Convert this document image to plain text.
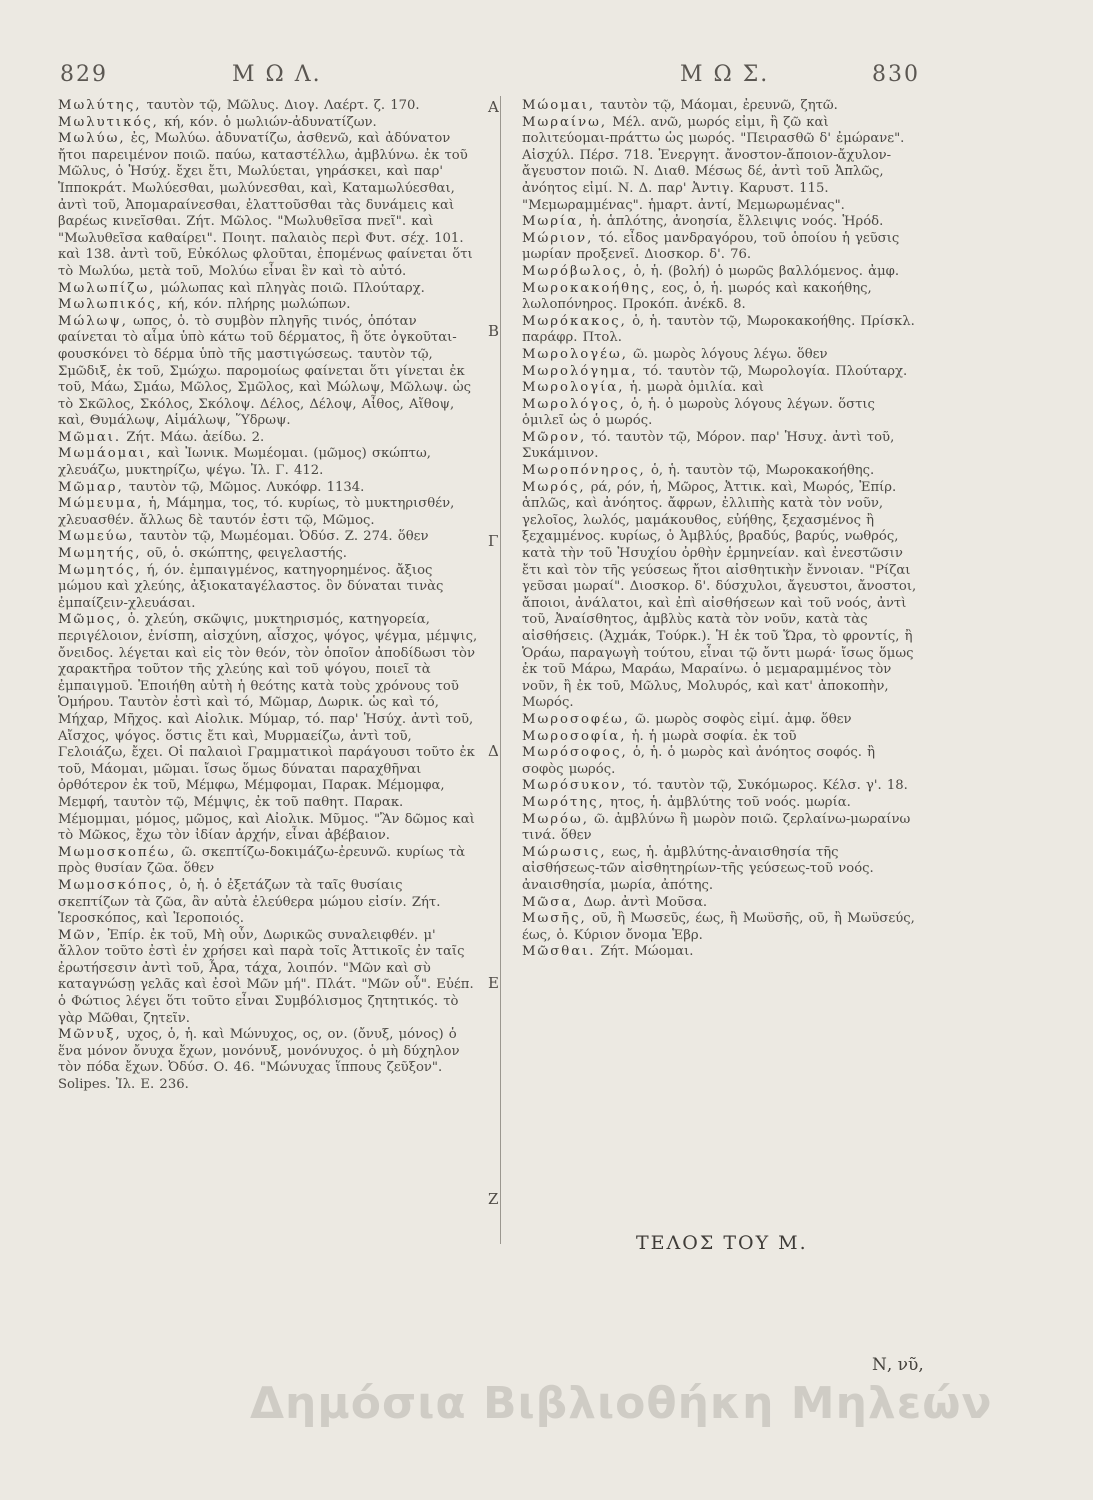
829	Μ Ω Λ.	Μ Ω Σ.	830
Μωλύτης, ταυτὸν τῷ, Μῶλυς. Διογ. Λαέρτ. ζ. 170.
Μωλυτικός, κή, κόν. ὁ μωλιών-ἀδυνατίζων.
Μωλύω, ἐς, Μωλύω. ἀδυνατίζω, ἀσθενῶ, καὶ ἀδύνατον ἤτοι παρειμένον ποιῶ. παύω, καταστέλλω, ἀμβλύνω. ἐκ τοῦ Μῶλυς, ὁ Ἡσύχ. ἔχει ἔτι, Μωλύεται, γηράσκει, καὶ παρ' Ἱπποκράτ. Μωλύεσθαι, μωλύνεσθαι, καὶ, Καταμωλύεσθαι, ἀντὶ τοῦ, Ἀπομαραίνεσθαι, ἐλαττοῦσθαι τὰς δυνάμεις καὶ βαρέως κινεῖσθαι. Ζήτ. Μῶλος. "Μωλυθεῖσα πνεῖ". καὶ "Μωλυθεῖσα καθαίρει". Ποιητ. παλαιὸς περὶ Φυτ. σέχ. 101. καὶ 138. ἀντὶ τοῦ, Εὐκόλως φλοῦται, ἐπομένως φαίνεται ὅτι τὸ Μωλύω, μετὰ τοῦ, Μολύω εἶναι ἓν καὶ τὸ αὐτό.
Μωλωπίζω, μώλωπας καὶ πληγὰς ποιῶ. Πλούταρχ.
Μωλωπικός, κή, κόν. πλήρης μωλώπων.
Μώλωψ, ωπος, ὁ. τὸ συμβὸν πληγῆς τινός, ὁπόταν φαίνεται τὸ αἷμα ὑπὸ κάτω τοῦ δέρματος, ἢ ὅτε ὀγκοῦται-φουσκόνει τὸ δέρμα ὑπὸ τῆς μαστιγώσεως. ταυτὸν τῷ, Σμῶδιξ, ἐκ τοῦ, Σμώχω. παρομοίως φαίνεται ὅτι γίνεται ἐκ τοῦ, Μάω, Σμάω, Μῶλος, Σμῶλος, καὶ Μώλωψ, Μῶλωψ. ὡς τὸ Σκῶλος, Σκόλος, Σκόλοψ. Δέλος, Δέλοψ, Αἶθος, Αἴθοψ, καὶ, Θυμάλωψ, Αἱμάλωψ, Ὕδρωψ.
Μῶμαι. Ζήτ. Μάω. ἀείδω. 2.
Μωμάομαι, καὶ Ἰωνικ. Μωμέομαι. (μῶμος) σκώπτω, χλευάζω, μυκτηρίζω, ψέγω. Ἰλ. Γ. 412.
Μῶμαρ, ταυτὸν τῷ, Μῶμος. Λυκόφρ. 1134.
Μώμευμα, ἡ, Μάμημα, τος, τό. κυρίως, τὸ μυκτηρισθέν, χλευασθέν. ἄλλως δὲ ταυτόν ἐστι τῷ, Μῶμος.
Μωμεύω, ταυτὸν τῷ, Μωμέομαι. Ὀδύσ. Ζ. 274. ὅθεν
Μωμητής, οῦ, ὁ. σκώπτης, φειγελαστής.
Μωμητός, ή, όν. ἐμπαιγμένος, κατηγορημένος. ἄξιος μώμου καὶ χλεύης, ἀξιοκαταγέλαστος. ὃν δύναται τινὰς ἐμπαίζειν-χλευάσαι.
Μῶμος, ὁ. χλεύη, σκῶψις, μυκτηρισμός, κατηγορεία, περιγέλοιον, ἐνίσπη, αἰσχύνη, αἶσχος, ψόγος, ψέγμα, μέμψις, ὄνειδος. λέγεται καὶ εἰς τὸν θεόν, τὸν ὁποῖον ἀποδίδωσι τὸν χαρακτῆρα τοῦτον τῆς χλεύης καὶ τοῦ ψόγου, ποιεῖ τὰ ἐμπαιγμοῦ. Ἐποιήθη αὐτὴ ἡ θεότης κατὰ τοὺς χρόνους τοῦ Ὁμήρου. Ταυτὸν ἐστὶ καὶ τό, Μῶμαρ, Δωρικ. ὡς καὶ τό, Μήχαρ, Μῆχος. καὶ Αἰολικ. Μύμαρ, τό. παρ' Ἡσύχ. ἀντὶ τοῦ, Αἴσχος, ψόγος. ὅστις ἔτι καὶ, Μυρμαείζω, ἀντὶ τοῦ, Γελοιάζω, ἔχει. Οἱ παλαιοὶ Γραμματικοὶ παράγουσι τοῦτο ἐκ τοῦ, Μάομαι, μῶμαι. ἴσως ὅμως δύναται παραχθῆναι ὀρθότερον ἐκ τοῦ, Μέμφω, Μέμφομαι, Παρακ. Μέμομφα, Μεμφή, ταυτὸν τῷ, Μέμψις, ἐκ τοῦ παθητ. Παρακ. Μέμομμαι, μόμος, μῶμος, καὶ Αἰολικ. Μῦμος. "Ἂν δῶμος καὶ τὸ Μῶκος, ἔχω τὸν ἰδίαν ἀρχήν, εἶναι ἀβέβαιον.
Μωμοσκοπέω, ῶ. σκεπτίζω-δοκιμάζω-ἐρευνῶ. κυρίως τὰ πρὸς θυσίαν ζῶα. ὅθεν
Μωμοσκόπος, ὁ, ἡ. ὁ ἐξετάζων τὰ ταῖς θυσίαις σκεπτίζων τὰ ζῶα, ἂν αὐτὰ ἐλεύθερα μώμου εἰσίν. Ζήτ. Ἱεροσκόπος, καὶ Ἱεροποιός.
Μῶν, Ἐπίρ. ἐκ τοῦ, Μὴ οὖν, Δωρικῶς συναλειφθέν. μ' ἄλλον τοῦτο ἐστὶ ἐν χρήσει καὶ παρὰ τοῖς Ἀττικοῖς ἐν ταῖς ἐρωτήσεσιν ἀντὶ τοῦ, Ἆρα, τάχα, λοιπόν. "Μῶν καὶ σὺ καταγνώσῃ γελᾶς καὶ ἐσοὶ Μῶν μή". Πλάτ. "Μῶν οὖ". Εὐέπ. ὁ Φώτιος λέγει ὅτι τοῦτο εἶναι Συμβόλισμος ζητητικός. τὸ γὰρ Μῶθαι, ζητεῖν.
Μῶνυξ, υχος, ὁ, ἡ. καὶ Μώνυχος, ος, ον. (ὄνυξ, μόνος) ὁ ἕνα μόνον ὄνυχα ἔχων, μονόνυξ, μονόνυχος. ὁ μὴ δύχηλον τὸν πόδα ἔχων. Ὀδύσ. Ο. 46. "Μώνυχας ἵππους ζεῦξον". Solipes. Ἰλ. Ε. 236.
Μώομαι, ταυτὸν τῷ, Μάομαι, ἐρευνῶ, ζητῶ.
Μωραίνω, Μέλ. ανῶ, μωρός εἰμι, ἢ ζῶ καὶ πολιτεύομαι-πράττω ὡς μωρός. "Πειρασθῶ δ' ἐμώρανε". Αἰσχύλ. Πέρσ. 718. Ἐνεργητ. ἄνοστον-ἄποιον-ἄχυλον-ἄγευστον ποιῶ. Ν. Διαθ. Μέσως δέ, ἀντὶ τοῦ Ἀπλῶς, ἀνόητος εἰμί. Ν. Δ. παρ' Ἀντιγ. Καρυστ. 115. "Μεμωραμμένας". ἡμαρτ. ἀντί, Μεμωρωμένας".
Μωρία, ἡ. ἁπλότης, ἀνοησία, ἔλλειψις νοός. Ἡρόδ.
Μώριον, τό. εἶδος μανδραγόρου, τοῦ ὁποίου ἡ γεῦσις μωρίαν προξενεῖ. Διοσκορ. δ'. 76.
Μωρόβωλος, ὁ, ἡ. (βολή) ὁ μωρῶς βαλλόμενος. ἀμφ.
Μωροκακοήθης, εος, ὁ, ἡ. μωρός καὶ κακοήθης, λωλοπόνηρος. Προκόπ. ἀνέκδ. 8.
Μωρόκακος, ὁ, ἡ. ταυτὸν τῷ, Μωροκακοήθης. Πρίσκλ. παράφρ. Πτολ.
Μωρολογέω, ῶ. μωρὸς λόγους λέγω. ὅθεν
Μωρολόγημα, τό. ταυτὸν τῷ, Μωρολογία. Πλούταρχ.
Μωρολογία, ἡ. μωρὰ ὁμιλία. καὶ
Μωρολόγος, ὁ, ἡ. ὁ μωροὺς λόγους λέγων. ὅστις ὁμιλεῖ ὡς ὁ μωρός.
Μῶρον, τό. ταυτὸν τῷ, Μόρον. παρ' Ἡσυχ. ἀντὶ τοῦ, Συκάμινον.
Μωροπόνηρος, ὁ, ἡ. ταυτὸν τῷ, Μωροκακοήθης.
Μωρός, ρά, ρόν, ἡ, Μῶρος, Ἀττικ. καὶ, Μωρός, Ἐπίρ. ἁπλῶς, καὶ ἀνόητος. ἄφρων, ἐλλιπὴς κατὰ τὸν νοῦν, γελοῖος, λωλός, μαμάκουθος, εὐήθης, ξεχασμένος ἢ ξεχαμμένος. κυρίως, ὁ Ἀμβλύς, βραδύς, βαρύς, νωθρός, κατὰ τὴν τοῦ Ἡσυχίου ὀρθὴν ἑρμηνείαν. καὶ ἐνεστῶσιν ἔτι καὶ τὸν τῆς γεύσεως ἤτοι αἰσθητικὴν ἔννοιαν. "Ρίζαι γεῦσαι μωραί". Διοσκορ. δ'. δύσχυλοι, ἄγευστοι, ἄνοστοι, ἄποιοι, ἀνάλατοι, καὶ ἐπὶ αἰσθήσεων καὶ τοῦ νοός, ἀντὶ τοῦ, Ἀναίσθητος, ἀμβλὺς κατὰ τὸν νοῦν, κατὰ τὰς αἰσθήσεις. (Ἀχμάκ, Τούρκ.). Ἡ ἐκ τοῦ Ὥρα, τὸ φροντίς, ἢ Ὁράω, παραγωγὴ τούτου, εἶναι τῷ ὄντι μωρά· ἴσως ὅμως ἐκ τοῦ Μάρω, Μαράω, Μαραίνω. ὁ μεμαραμμένος τὸν νοῦν, ἢ ἐκ τοῦ, Μῶλυς, Μολυρός, καὶ κατ' ἀποκοπὴν, Μωρός.
Μωροσοφέω, ῶ. μωρὸς σοφὸς εἰμί. ἀμφ. ὅθεν
Μωροσοφία, ἡ. ἡ μωρὰ σοφία. ἐκ τοῦ
Μωρόσοφος, ὁ, ἡ. ὁ μωρὸς καὶ ἀνόητος σοφός. ἢ σοφὸς μωρός.
Μωρόσυκον, τό. ταυτὸν τῷ, Συκόμωρος. Κέλσ. γ'. 18.
Μωρότης, ητος, ἡ. ἀμβλύτης τοῦ νοός. μωρία.
Μωρόω, ῶ. ἀμβλύνω ἢ μωρὸν ποιῶ. ζερλαίνω-μωραίνω τινά. ὅθεν
Μώρωσις, εως, ἡ. ἀμβλύτης-ἀναισθησία τῆς αἰσθήσεως-τῶν αἰσθητηρίων-τῆς γεύσεως-τοῦ νοός. ἀναισθησία, μωρία, ἀπότης.
Μῶσα, Δωρ. ἀντὶ Μοῦσα.
Μωσῆς, οῦ, ἢ Μωσεῦς, έως, ἢ Μωϋσῆς, οῦ, ἢ Μωϋσεύς, έως, ὁ. Κύριον ὄνομα Ἑβρ.
Μῶσθαι. Ζήτ. Μώομαι.
Α
Β
Γ
Δ
Ε
Ζ
ΤΕΛΟΣ ΤΟΥ Μ.
Ν, νῦ,
Δημόσια Βιβλιοθήκη Μηλεών
